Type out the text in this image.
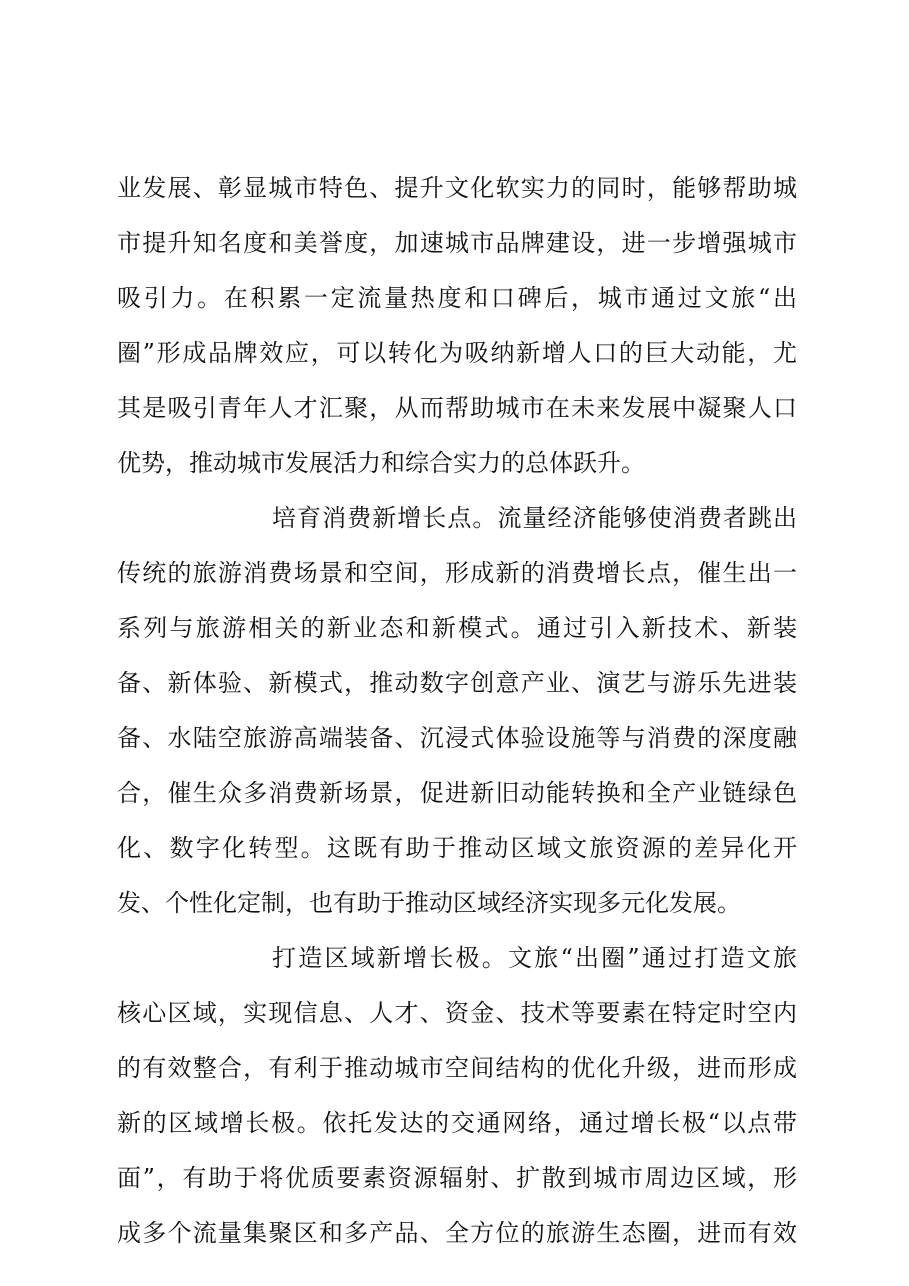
业发展、彰显城市特色、提升文化软实力的同时，能够帮助城
市提升知名度和美誉度，加速城市品牌建设，进一步增强城市
吸引力。在积累一定流量热度和口碑后，城市通过文旅“出
圈”形成品牌效应，可以转化为吸纳新增人口的巨大动能，尤
其是吸引青年人才汇聚，从而帮助城市在未来发展中凝聚人口
优势，推动城市发展活力和综合实力的总体跃升。
培育消费新增长点。流量经济能够使消费者跳出
传统的旅游消费场景和空间，形成新的消费增长点，催生出一
系列与旅游相关的新业态和新模式。通过引入新技术、新装
备、新体验、新模式，推动数字创意产业、演艺与游乐先进装
备、水陆空旅游高端装备、沉浸式体验设施等与消费的深度融
合，催生众多消费新场景，促进新旧动能转换和全产业链绿色
化、数字化转型。这既有助于推动区域文旅资源的差异化开
发、个性化定制，也有助于推动区域经济实现多元化发展。
打造区域新增长极。文旅“出圈”通过打造文旅
核心区域，实现信息、人才、资金、技术等要素在特定时空内
的有效整合，有利于推动城市空间结构的优化升级，进而形成
新的区域增长极。依托发达的交通网络，通过增长极“以点带
面”，有助于将优质要素资源辐射、扩散到城市周边区域，形
成多个流量集聚区和多产品、全方位的旅游生态圈，进而有效
